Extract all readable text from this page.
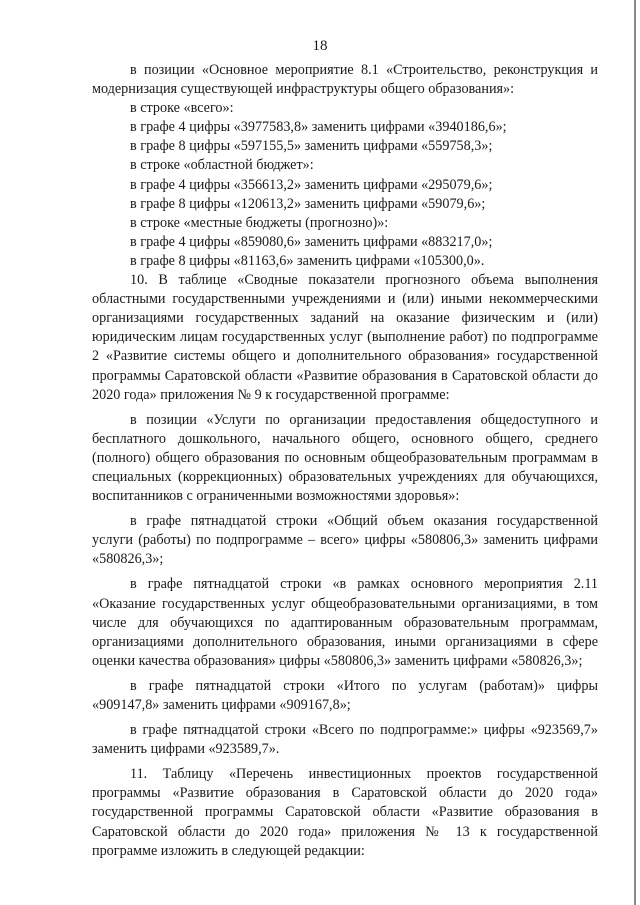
18

в позиции «Основное мероприятие 8.1 «Строительство, реконструкция и модернизация существующей инфраструктуры общего образования»:

в строке «всего»:

в графе 4 цифры «3977583,8» заменить цифрами «3940186,6»;

в графе 8 цифры «597155,5» заменить цифрами «559758,3»;

в строке «областной бюджет»:

в графе 4 цифры «356613,2» заменить цифрами «295079,6»;

в графе 8 цифры «120613,2» заменить цифрами «59079,6»;

в строке «местные бюджеты (прогнозно)»:

в графе 4 цифры «859080,6» заменить цифрами «883217,0»;

в графе 8 цифры «81163,6» заменить цифрами «105300,0».

10. В таблице «Сводные показатели прогнозного объема выполнения областными государственными учреждениями и (или) иными некоммерческими организациями государственных заданий на оказание физическим и (или) юридическим лицам государственных услуг (выполнение работ) по подпрограмме 2 «Развитие системы общего и дополнительного образования» государственной программы Саратовской области «Развитие образования в Саратовской области до 2020 года» приложения № 9 к государственной программе:

в позиции «Услуги по организации предоставления общедоступного и бесплатного дошкольного, начального общего, основного общего, среднего (полного) общего образования по основным общеобразовательным программам в специальных (коррекционных) образовательных учреждениях для обучающихся, воспитанников с ограниченными возможностями здоровья»:

в графе пятнадцатой строки «Общий объем оказания государственной услуги (работы) по подпрограмме – всего» цифры «580806,3» заменить цифрами «580826,3»;

в графе пятнадцатой строки «в рамках основного мероприятия 2.11 «Оказание государственных услуг общеобразовательными организациями, в том числе для обучающихся по адаптированным образовательным программам, организациями дополнительного образования, иными организациями в сфере оценки качества образования» цифры «580806,3» заменить цифрами «580826,3»;

в графе пятнадцатой строки «Итого по услугам (работам)» цифры «909147,8» заменить цифрами «909167,8»;

в графе пятнадцатой строки «Всего по подпрограмме:» цифры «923569,7» заменить цифрами «923589,7».

11. Таблицу «Перечень инвестиционных проектов государственной программы «Развитие образования в Саратовской области до 2020 года» государственной программы Саратовской области «Развитие образования в Саратовской области до 2020 года» приложения № 13 к государственной программе изложить в следующей редакции:
